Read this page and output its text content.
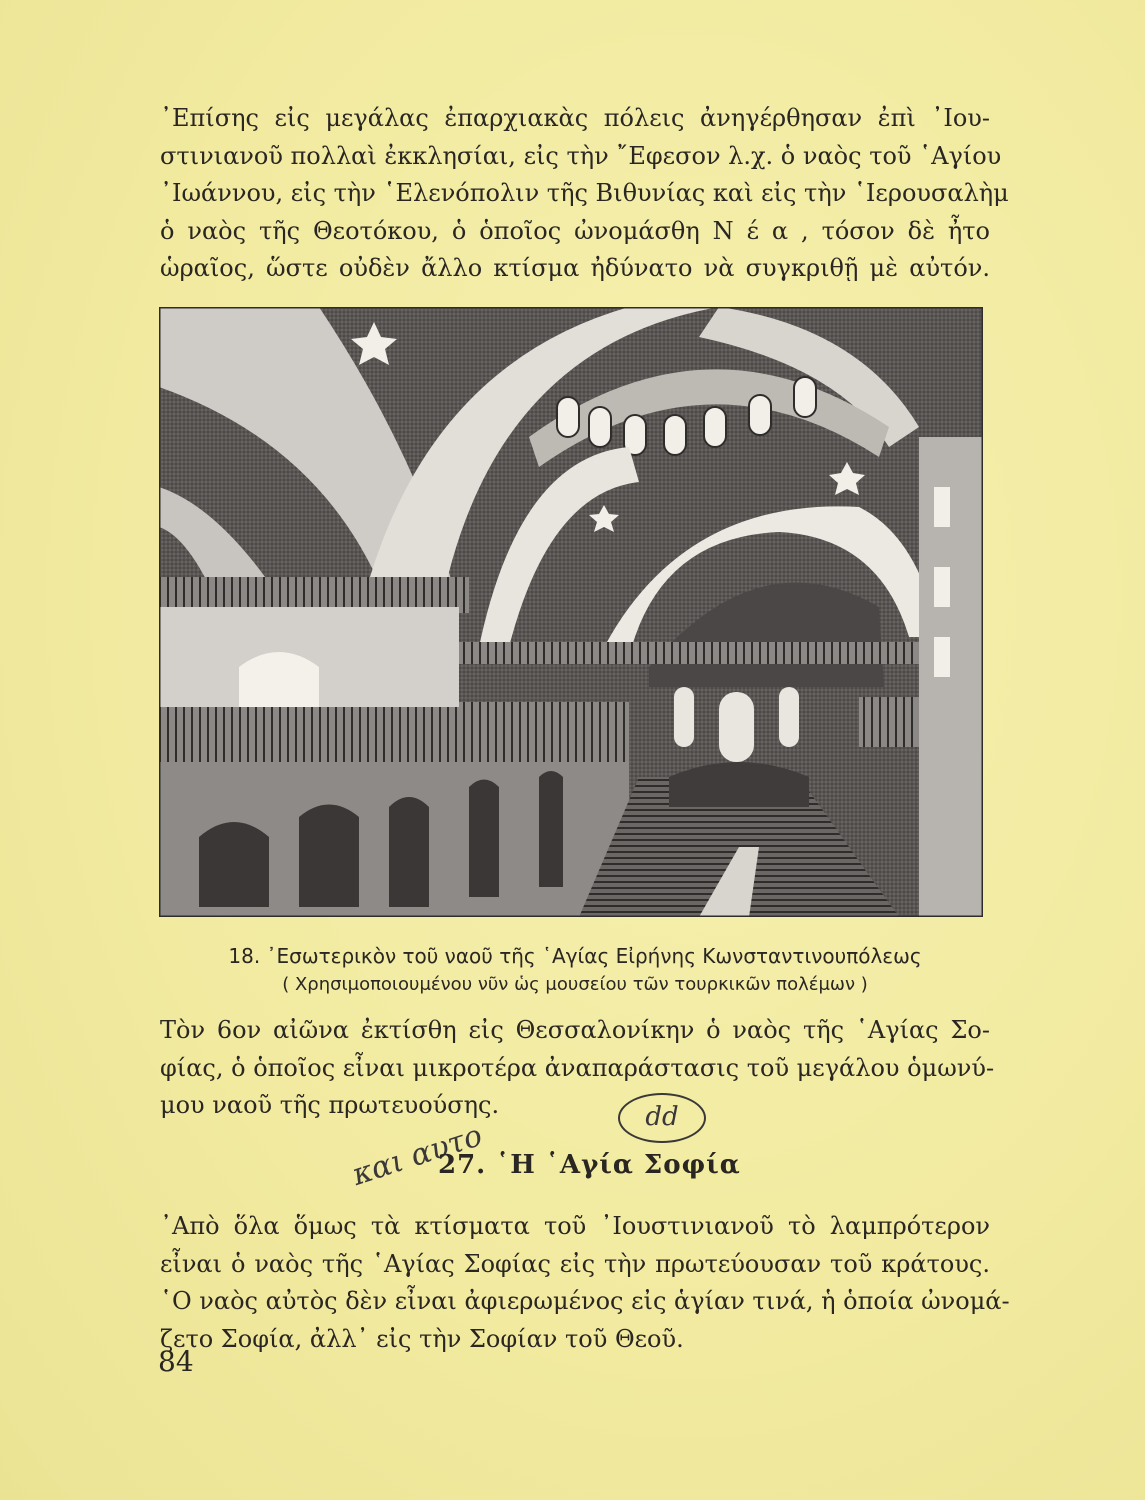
᾿Επίσης εἰς μεγάλας ἐπαρχιακὰς πόλεις ἀνηγέρθησαν ἐπὶ ᾿Ιου-
στινιανοῦ πολλαὶ ἐκκλησίαι, εἰς τὴν ῎Εφεσον λ.χ. ὁ ναὸς τοῦ ῾Αγίου
᾿Ιωάννου, εἰς τὴν ῾Ελενόπολιν τῆς Βιθυνίας καὶ εἰς τὴν ῾Ιερουσαλὴμ
ὁ ναὸς τῆς Θεοτόκου, ὁ ὁποῖος ὠνομάσθη Ν έ α , τόσον δὲ ἦτο
ὡραῖος, ὥστε οὐδὲν ἄλλο κτίσμα ἠδύνατο νὰ συγκριθῇ μὲ αὐτόν.
18. ᾿Εσωτερικὸν τοῦ ναοῦ τῆς ῾Αγίας Εἰρήνης Κωνσταντινουπόλεως
( Χρησιμοποιουμένου νῦν ὡς μουσείου τῶν τουρκικῶν πολέμων )
Τὸν 6ον αἰῶνα ἐκτίσθη εἰς Θεσσαλονίκην ὁ ναὸς τῆς ῾Αγίας Σο-
φίας, ὁ ὁποῖος εἶναι μικροτέρα ἀναπαράστασις τοῦ μεγάλου ὁμωνύ-
μου ναοῦ τῆς πρωτευούσης.	dd
και αυτο
27. ῾Η ῾Αγία Σοφία
᾿Απὸ ὅλα ὅμως τὰ κτίσματα τοῦ ᾿Ιουστινιανοῦ τὸ λαμπρότερον
εἶναι ὁ ναὸς τῆς ῾Αγίας Σοφίας εἰς τὴν πρωτεύουσαν τοῦ κράτους.
῾Ο ναὸς αὐτὸς δὲν εἶναι ἀφιερωμένος εἰς ἁγίαν τινά, ἡ ὁποία ὠνομά-
ζετο Σοφία, ἀλλ᾿ εἰς τὴν Σοφίαν τοῦ Θεοῦ.
84
